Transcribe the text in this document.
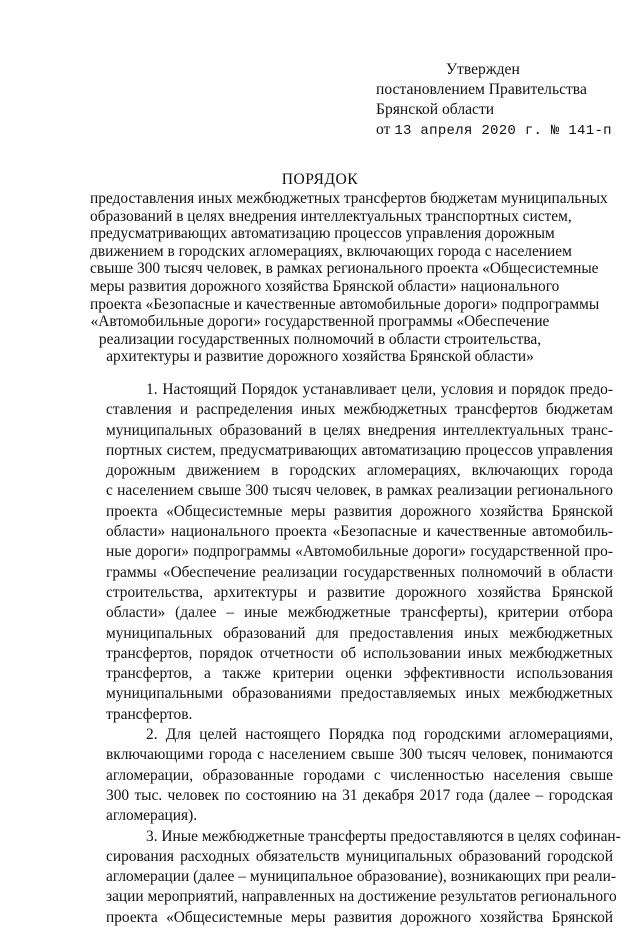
Утвержден
постановлением Правительства
Брянской области
от 13 апреля 2020 г. № 141-п
ПОРЯДОК
предоставления иных межбюджетных трансфертов бюджетам муниципальных
образований в целях внедрения интеллектуальных транспортных систем,
предусматривающих автоматизацию процессов управления дорожным
движением в городских агломерациях, включающих города с населением
свыше 300 тысяч человек, в рамках регионального проекта «Общесистемные
меры развития дорожного хозяйства Брянской области» национального
проекта «Безопасные и качественные автомобильные дороги» подпрограммы
«Автомобильные дороги» государственной программы «Обеспечение
реализации государственных полномочий в области строительства,
архитектуры и развитие дорожного хозяйства Брянской области»
1. Настоящий Порядок устанавливает цели, условия и порядок предо-
ставления и распределения иных межбюджетных трансфертов бюджетам
муниципальных образований в целях внедрения интеллектуальных транс-
портных систем, предусматривающих автоматизацию процессов управления
дорожным движением в городских агломерациях, включающих города
с населением свыше 300 тысяч человек, в рамках реализации регионального
проекта «Общесистемные меры развития дорожного хозяйства Брянской
области» национального проекта «Безопасные и качественные автомобиль-
ные дороги» подпрограммы «Автомобильные дороги» государственной про-
граммы «Обеспечение реализации государственных полномочий в области
строительства, архитектуры и развитие дорожного хозяйства Брянской
области» (далее – иные межбюджетные трансферты), критерии отбора
муниципальных образований для предоставления иных межбюджетных
трансфертов, порядок отчетности об использовании иных межбюджетных
трансфертов, а также критерии оценки эффективности использования
муниципальными образованиями предоставляемых иных межбюджетных
трансфертов.
2. Для целей настоящего Порядка под городскими агломерациями,
включающими города с населением свыше 300 тысяч человек, понимаются
агломерации, образованные городами с численностью населения свыше
300 тыс. человек по состоянию на 31 декабря 2017 года (далее – городская
агломерация).
3. Иные межбюджетные трансферты предоставляются в целях софинан-
сирования расходных обязательств муниципальных образований городской
агломерации (далее – муниципальное образование), возникающих при реали-
зации мероприятий, направленных на достижение результатов регионального
проекта «Общесистемные меры развития дорожного хозяйства Брянской
